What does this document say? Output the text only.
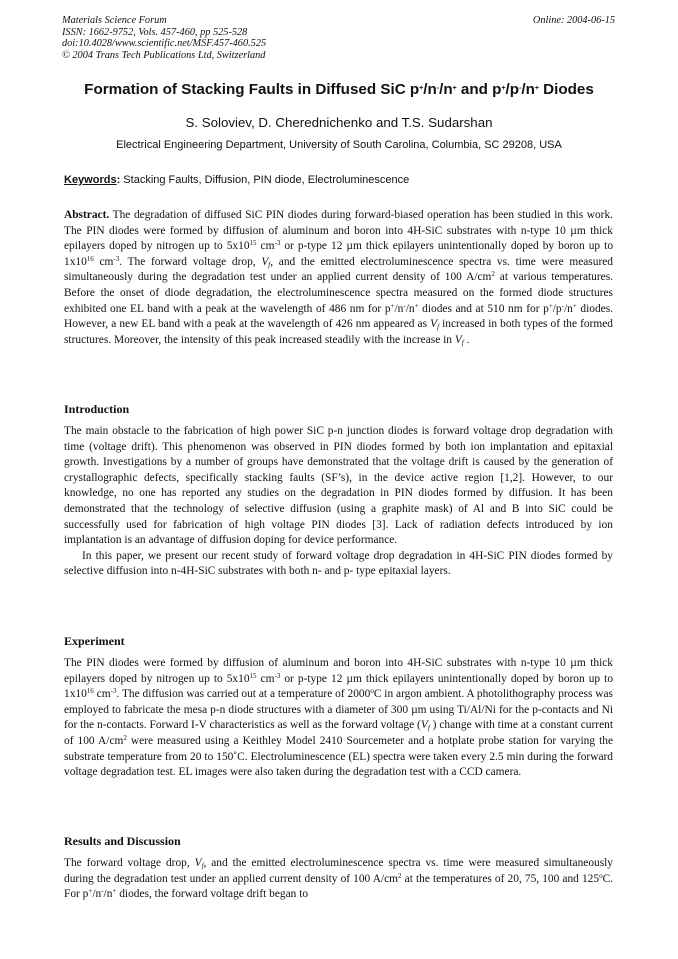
Materials Science Forum
ISSN: 1662-9752, Vols. 457-460, pp 525-528
doi:10.4028/www.scientific.net/MSF.457-460.525
© 2004 Trans Tech Publications Ltd, Switzerland
Online: 2004-06-15
Formation of Stacking Faults in Diffused SiC p+/n-/n+ and p+/p-/n+ Diodes
S. Soloviev, D. Cherednichenko and T.S. Sudarshan
Electrical Engineering Department, University of South Carolina, Columbia, SC 29208, USA
Keywords: Stacking Faults, Diffusion, PIN diode, Electroluminescence

Abstract. The degradation of diffused SiC PIN diodes during forward-biased operation has been studied in this work. The PIN diodes were formed by diffusion of aluminum and boron into 4H-SiC substrates with n-type 10 µm thick epilayers doped by nitrogen up to $5x10^{15}$ $cm^{-3}$ or p-type 12 µm thick epilayers unintentionally doped by boron up to $1x10^{16}$ $cm^{-3}$. The forward voltage drop, $V_f$, and the emitted electroluminescence spectra vs. time were measured simultaneously during the degradation test under an applied current density of 100 $A/cm^2$ at various temperatures. Before the onset of diode degradation, the electroluminescence spectra measured on the formed diode structures exhibited one EL band with a peak at the wavelength of 486 nm for p+/n-/n+ diodes and at 510 nm for p+/p-/n+ diodes. However, a new EL band with a peak at the wavelength of 426 nm appeared as $V_f$ increased in both types of the formed structures. Moreover, the intensity of this peak increased steadily with the increase in $V_f$ .

Introduction

The main obstacle to the fabrication of high power SiC p-n junction diodes is forward voltage drop degradation with time (voltage drift). This phenomenon was observed in PIN diodes formed by both ion implantation and epitaxial growth. Investigations by a number of groups have demonstrated that the voltage drift is caused by the generation of crystallographic defects, specifically stacking faults (SF’s), in the device active region [1,2]. However, to our knowledge, no one has reported any studies on the degradation in PIN diodes formed by diffusion. It has been demonstrated that the technology of selective diffusion (using a graphite mask) of Al and B into SiC could be successfully used for fabrication of high voltage PIN diodes [3]. Lack of radiation defects introduced by ion implantation is an advantage of diffusion doping for device performance.

In this paper, we present our recent study of forward voltage drop degradation in 4H-SiC PIN diodes formed by selective diffusion into n-4H-SiC substrates with both n- and p- type epitaxial layers.

Experiment

The PIN diodes were formed by diffusion of aluminum and boron into 4H-SiC substrates with n-type 10 µm thick epilayers doped by nitrogen up to $5x10^{15}$ $cm^{-3}$ or p-type 12 µm thick epilayers unintentionally doped by boron up to $1x10^{16}$ $cm^{-3}$. The diffusion was carried out at a temperature of 2000$^o$C in argon ambient. A photolithography process was employed to fabricate the mesa p-n diode structures with a diameter of 300 µm using Ti/Al/Ni for the p-contacts and Ni for the n-contacts. Forward I-V characteristics as well as the forward voltage ($V_f$ ) change with time at a constant current of 100 $A/cm^2$ were measured using a Keithley Model 2410 Sourcemeter and a hotplate probe station for varying the substrate temperature from 20 to 150˚C. Electroluminescence (EL) spectra were taken every 2.5 min during the forward voltage degradation test. EL images were also taken during the degradation test with a CCD camera.

Results and Discussion

The forward voltage drop, $V_f$, and the emitted electroluminescence spectra vs. time were measured simultaneously during the degradation test under an applied current density of 100 $A/cm^2$ at the temperatures of 20, 75, 100 and 125$^o$C. For p+/n-/n+ diodes, the forward voltage drift began to
